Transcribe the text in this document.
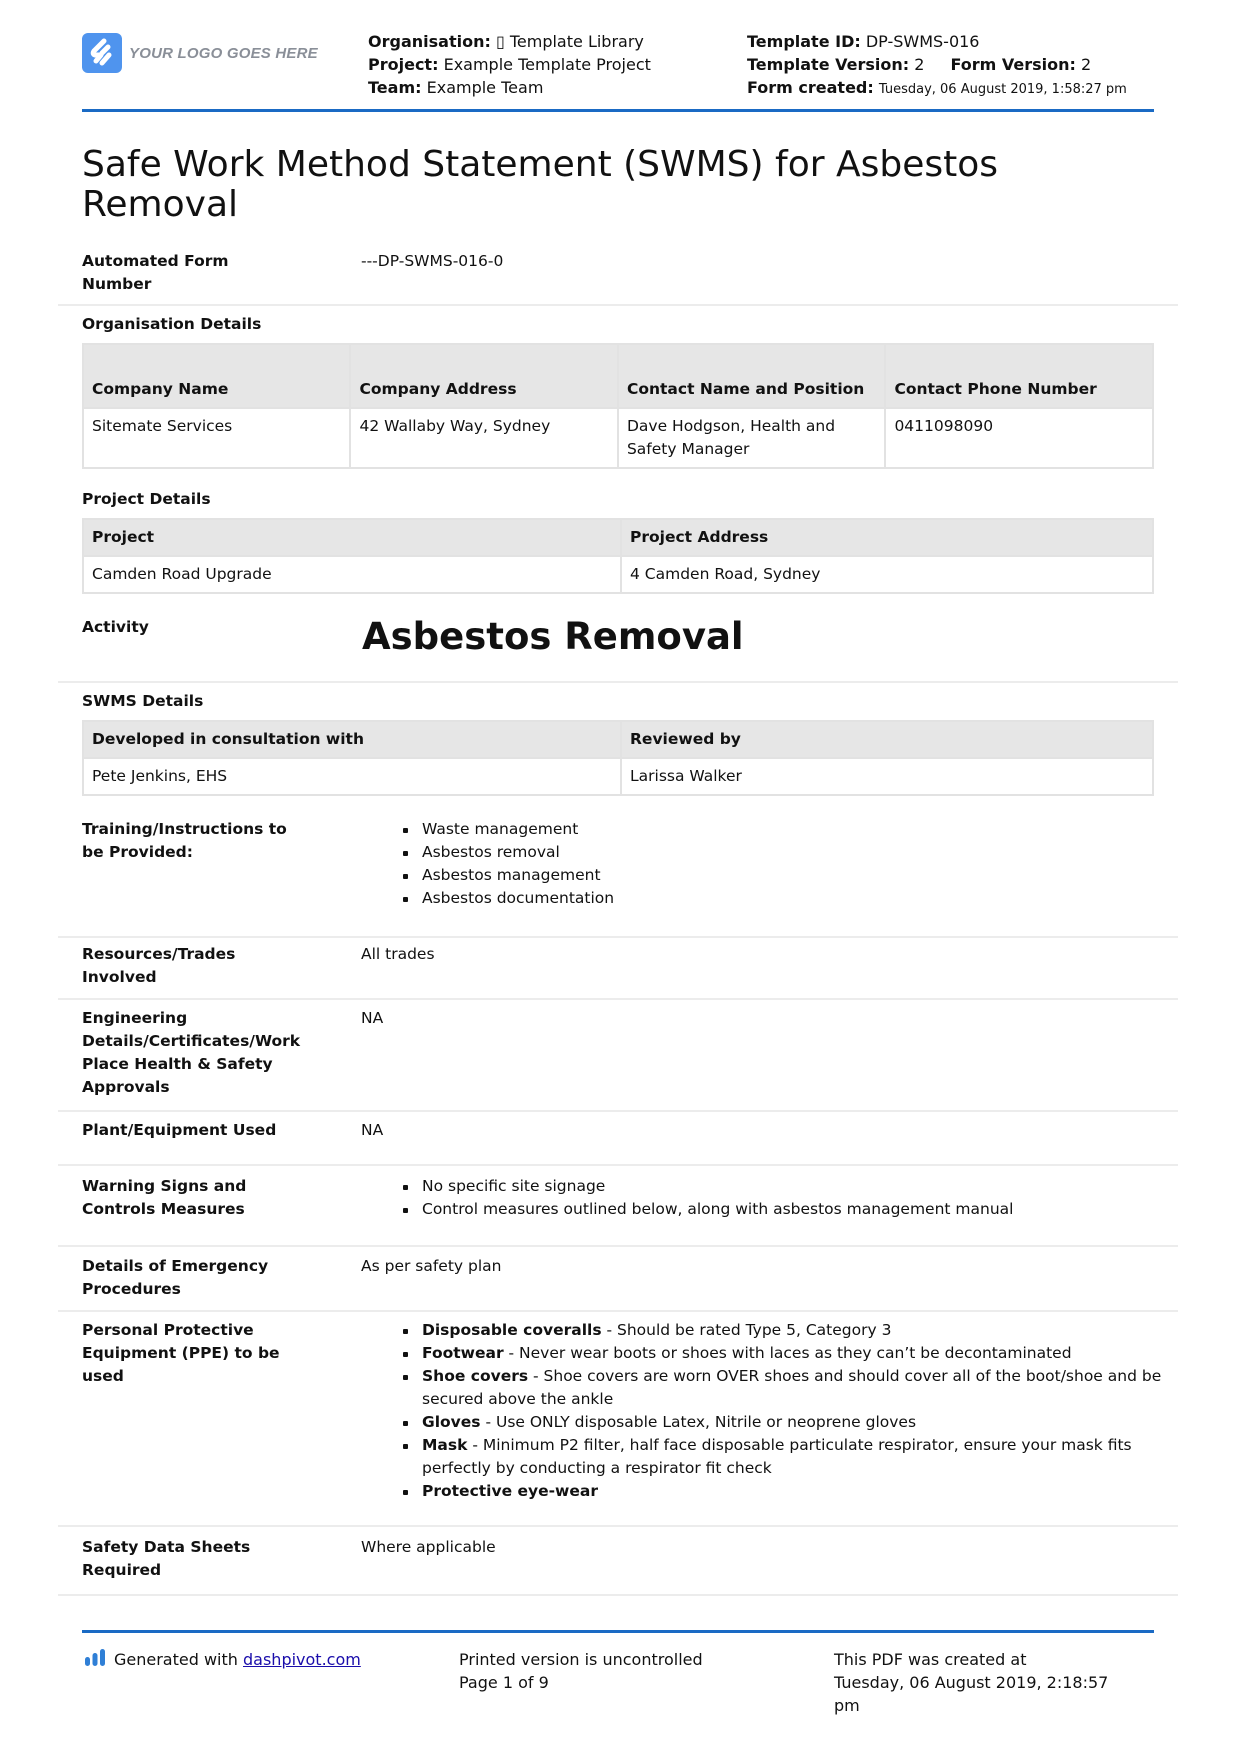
YOUR LOGO GOES HERE
Organisation: ▯ Template Library
Project: Example Template Project
Team: Example Team
Template ID: DP-SWMS-016
Template Version: 2 Form Version: 2
Form created: Tuesday, 06 August 2019, 1:58:27 pm
Safe Work Method Statement (SWMS) for Asbestos Removal
Automated Form Number
---DP-SWMS-016-0
Organisation Details
Company Name	Company Address	Contact Name and Position	Contact Phone Number
Sitemate Services	42 Wallaby Way, Sydney	Dave Hodgson, Health and Safety Manager	0411098090
Project Details
Project	Project Address
Camden Road Upgrade	4 Camden Road, Sydney
Activity	Asbestos Removal
SWMS Details
Developed in consultation with	Reviewed by
Pete Jenkins, EHS	Larissa Walker
Training/Instructions to be Provided:
Waste management
Asbestos removal
Asbestos management
Asbestos documentation
Resources/Trades Involved
All trades
Engineering Details/Certificates/Work Place Health & Safety Approvals
NA
Plant/Equipment Used	NA
Warning Signs and Controls Measures
No specific site signage
Control measures outlined below, along with asbestos management manual
Details of Emergency Procedures
As per safety plan
Personal Protective Equipment (PPE) to be used
Disposable coveralls - Should be rated Type 5, Category 3
Footwear - Never wear boots or shoes with laces as they can’t be decontaminated
Shoe covers - Shoe covers are worn OVER shoes and should cover all of the boot/shoe and be secured above the ankle
Gloves - Use ONLY disposable Latex, Nitrile or neoprene gloves
Mask - Minimum P2 filter, half face disposable particulate respirator, ensure your mask fits perfectly by conducting a respirator fit check
Protective eye-wear
Safety Data Sheets Required
Where applicable
Generated with dashpivot.com	Printed version is uncontrolled
Page 1 of 9
This PDF was created at
Tuesday, 06 August 2019, 2:18:57 pm
